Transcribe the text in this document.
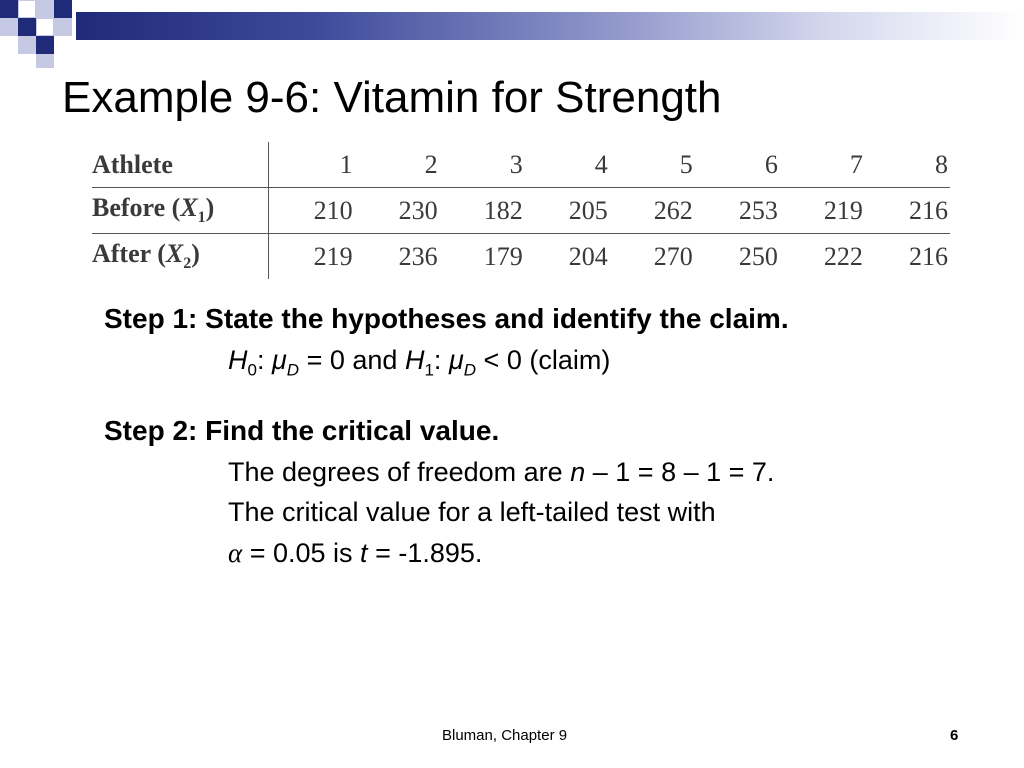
Example 9-6: Vitamin for Strength
Athlete	1	2	3	4	5	6	7	8
Before $(X_1)$	210	230	182	205	262	253	219	216
After $(X_2)$	219	236	179	204	270	250	222	216
Step 1: State the hypotheses and identify the claim.
$H_0$: $\mu_D = 0$ and $H_1$: $\mu_D < 0$ (claim)
Step 2: Find the critical value.
The degrees of freedom are n – 1 = 8 – 1 = 7.
The critical value for a left-tailed test with
α = 0.05 is t = -1.895.
Bluman, Chapter 9	6
